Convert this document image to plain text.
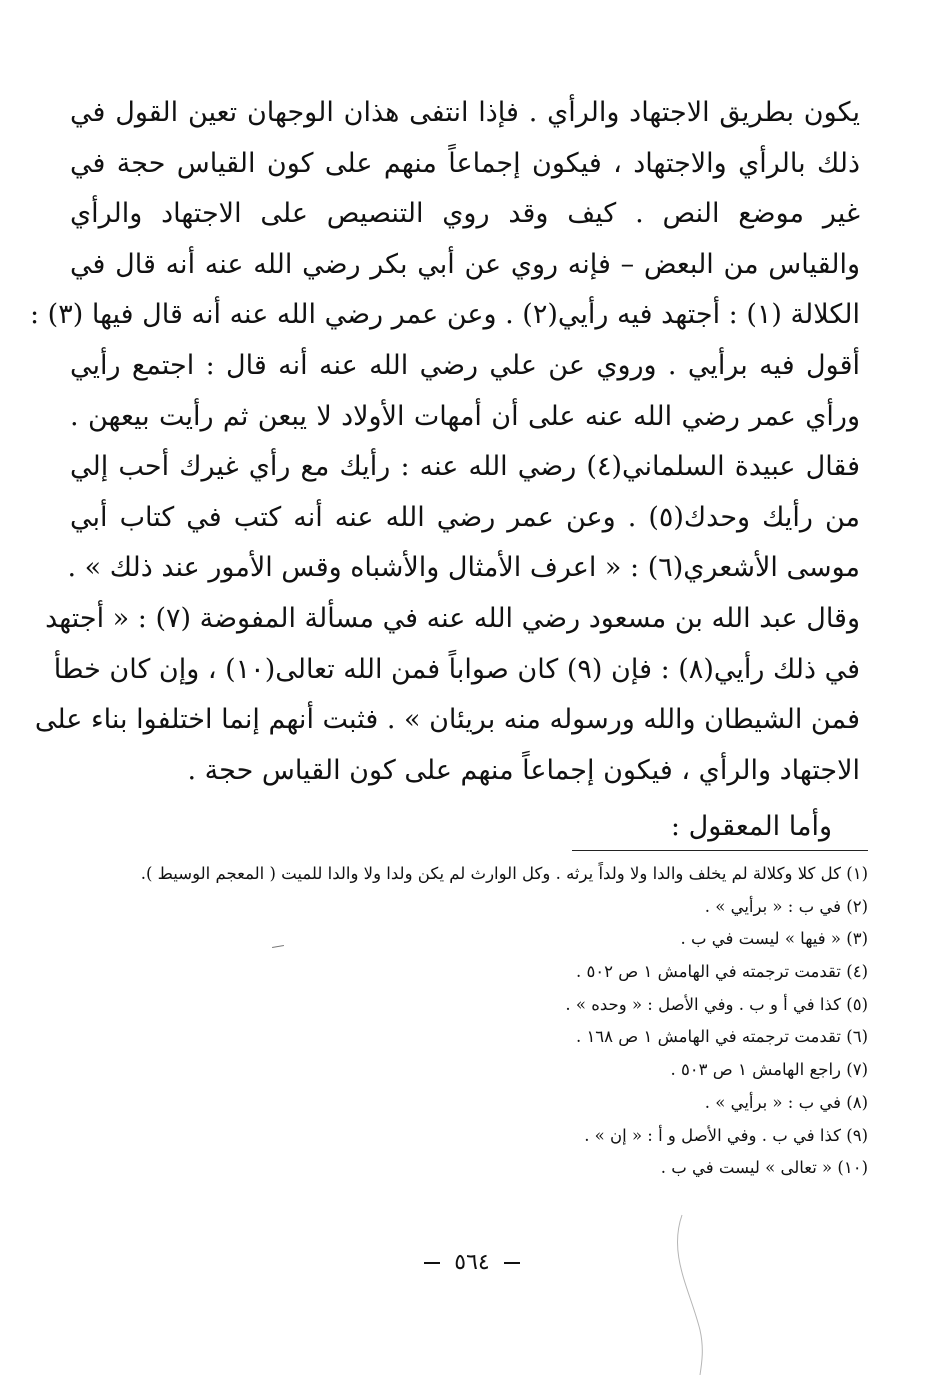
يكون بطريق الاجتهاد والرأي . فإذا انتفى هذان الوجهان تعين القول في
ذلك بالرأي والاجتهاد ، فيكون إجماعاً منهم على كون القياس حجة في
غير موضع النص . كيف وقد روي التنصيص على الاجتهاد والرأي
والقياس من البعض – فإنه روي عن أبي بكر رضي الله عنه أنه قال في
الكلالة (١) : أجتهد فيه رأيي(٢) . وعن عمر رضي الله عنه أنه قال فيها (٣) :
أقول فيه برأيي . وروي عن علي رضي الله عنه أنه قال : اجتمع رأيي
ورأي عمر رضي الله عنه على أن أمهات الأولاد لا يبعن ثم رأيت بيعهن .
فقال عبيدة السلماني(٤) رضي الله عنه : رأيك مع رأي غيرك أحب إلي
من رأيك وحدك(٥) . وعن عمر رضي الله عنه أنه كتب في كتاب أبي
موسى الأشعري(٦) : « اعرف الأمثال والأشباه وقس الأمور عند ذلك » .
وقال عبد الله بن مسعود رضي الله عنه في مسألة المفوضة (٧) : « أجتهد
في ذلك رأيي(٨) : فإن (٩) كان صواباً فمن الله تعالى(١٠) ، وإن كان خطأ
فمن الشيطان والله ورسوله منه بريئان » . فثبت أنهم إنما اختلفوا بناء على
الاجتهاد والرأي ، فيكون إجماعاً منهم على كون القياس حجة .
وأما المعقول :
(١) كل كلا وكلالة لم يخلف والدا ولا ولداً يرثه . وكل الوارث لم يكن ولدا ولا والدا للميت ( المعجم الوسيط ).
(٢) في ب : « برأيي » .
(٣) « فيها » ليست في ب .
(٤) تقدمت ترجمته في الهامش ١ ص ٥٠٢ .
(٥) كذا في أ و ب . وفي الأصل : « وحده » .
(٦) تقدمت ترجمته في الهامش ١ ص ١٦٨ .
(٧) راجع الهامش ١ ص ٥٠٣ .
(٨) في ب : « برأيي » .
(٩) كذا في ب . وفي الأصل و أ : « إن » .
(١٠) « تعالى » ليست في ب .
٥٦٤
